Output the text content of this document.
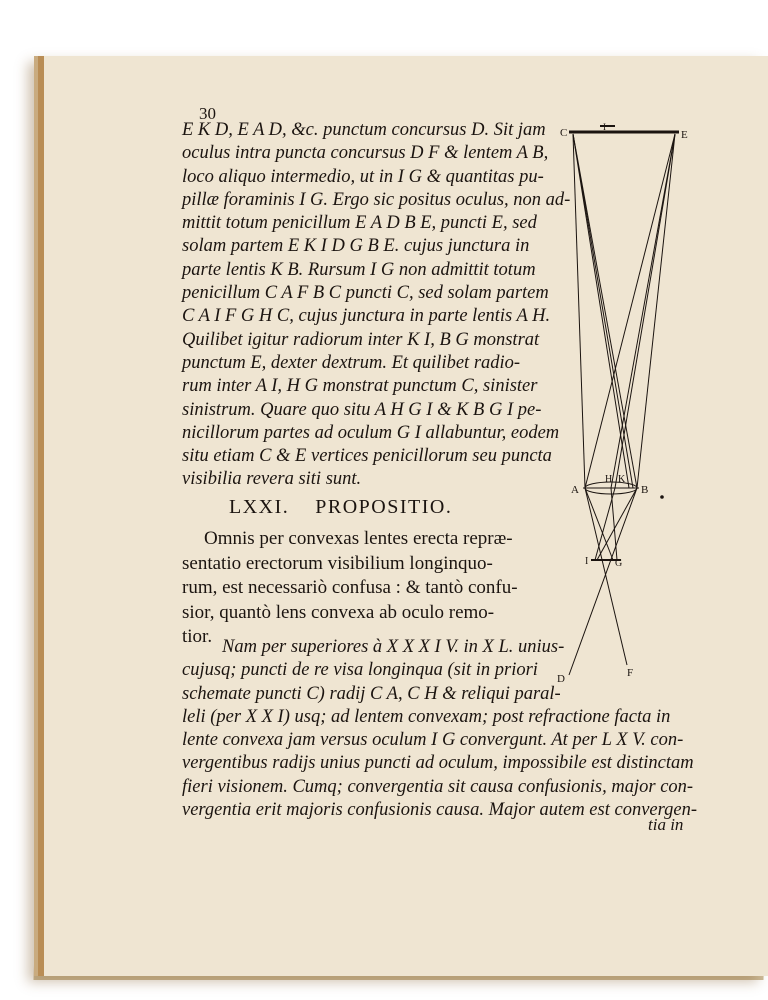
30
E K D, E A D, &c. punctum concursus D. Sit jam
oculus intra puncta concursus D F & lentem A B,
loco aliquo intermedio, ut in I G & quantitas pu-
pillæ foraminis I G. Ergo sic positus oculus, non ad-
mittit totum penicillum E A D B E, puncti E, sed
solam partem E K I D G B E. cujus junctura in
parte lentis K B. Rursum I G non admittit totum
penicillum C A F B C puncti C, sed solam partem
C A I F G H C, cujus junctura in parte lentis A H.
Quilibet igitur radiorum inter K I, B G monstrat
punctum E, dexter dextrum. Et quilibet radio-
rum inter A I, H G monstrat punctum C, sinister
sinistrum. Quare quo situ A H G I & K B G I pe-
nicillorum partes ad oculum G I allabuntur, eodem
situ etiam C & E vertices penicillorum seu puncta
visibilia revera siti sunt.
LXXI. PROPOSITIO.
Omnis per convexas lentes erecta repræ-
sentatio erectorum visibilium longinquo-
rum, est necessariò confusa : & tantò confu-
sior, quantò lens convexa ab oculo remo-
tior. Nam per superiores à X X X I V. in X L. unius-
cujusq; puncti de re visa longinqua (sit in priori
schemate puncti C) radij C A, C H & reliqui paral-
leli (per X X I) usq; ad lentem convexam; post refractione facta in
lente convexa jam versus oculum I G convergunt. At per L X V. con-
vergentibus radijs unius puncti ad oculum, impossibile est distinctam
fieri visionem. Cumq; convergentia sit causa confusionis, major con-
vergentia erit majoris confusionis causa. Major autem est convergen-
tia in
C	E
I
A	B
H K
I	G
D	F
